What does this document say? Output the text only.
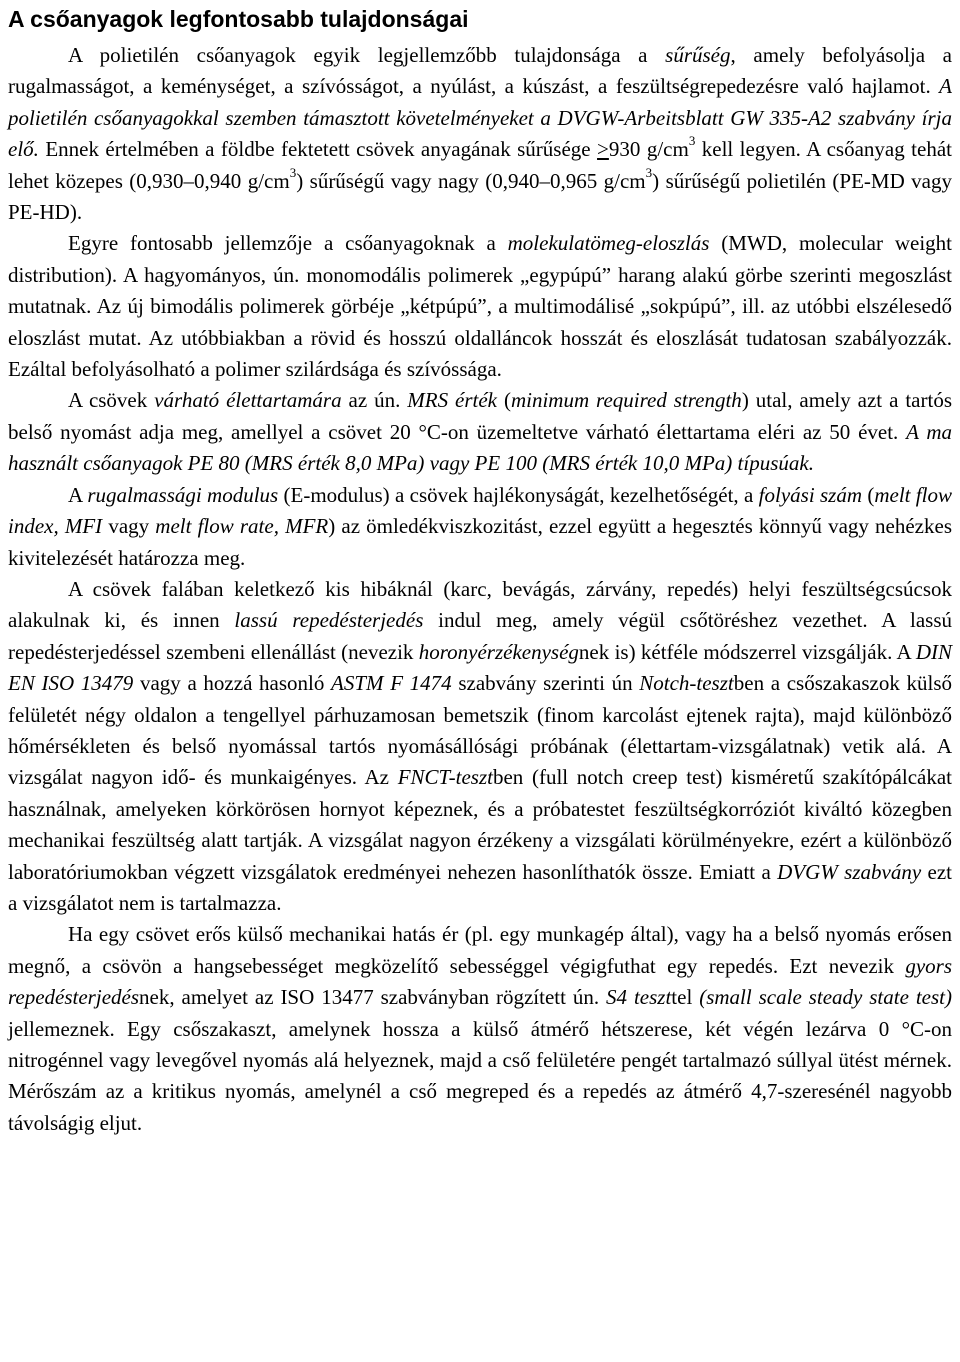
A csőanyagok legfontosabb tulajdonságai

A polietilén csőanyagok egyik legjellemzőbb tulajdonsága a sűrűség, amely befolyásolja a rugalmasságot, a keménységet, a szívósságot, a nyúlást, a kúszást, a feszültségrepedezésre való hajlamot. A polietilén csőanyagokkal szemben támasztott követelményeket a DVGW-Arbeitsblatt GW 335-A2 szabvány írja elő. Ennek értelmében a földbe fektetett csövek anyagának sűrűsége ≥930 $g/cm^3$ kell legyen. A csőanyag tehát lehet közepes (0,930–0,940 $g/cm^3$) sűrűségű vagy nagy (0,940–0,965 $g/cm^3$) sűrűségű polietilén (PE-MD vagy PE-HD).

Egyre fontosabb jellemzője a csőanyagoknak a molekulatömeg-eloszlás (MWD, molecular weight distribution). A hagyományos, ún. monomodális polimerek „egypúpú” harang alakú görbe szerinti megoszlást mutatnak. Az új bimodális polimerek görbéje „kétpúpú”, a multimodálisé „sokpúpú”, ill. az utóbbi elszélesedő eloszlást mutat. Az utóbbiakban a rövid és hosszú oldalláncok hosszát és eloszlását tudatosan szabályozzák. Ezáltal befolyásolható a polimer szilárdsága és szívóssága.

A csövek várható élettartamára az ún. MRS érték (minimum required strength) utal, amely azt a tartós belső nyomást adja meg, amellyel a csövet 20 °C-on üzemeltetve várható élettartama eléri az 50 évet. A ma használt csőanyagok PE 80 (MRS érték 8,0 MPa) vagy PE 100 (MRS érték 10,0 MPa) típusúak.

A rugalmassági modulus (E-modulus) a csövek hajlékonyságát, kezelhetőségét, a folyási szám (melt flow index, MFI vagy melt flow rate, MFR) az ömledékviszkozitást, ezzel együtt a hegesztés könnyű vagy nehézkes kivitelezését határozza meg.

A csövek falában keletkező kis hibáknál (karc, bevágás, zárvány, repedés) helyi feszültségcsúcsok alakulnak ki, és innen lassú repedésterjedés indul meg, amely végül csőtöréshez vezethet. A lassú repedésterjedéssel szembeni ellenállást (nevezik horonyérzékenységnek is) kétféle módszerrel vizsgálják. A DIN EN ISO 13479 vagy a hozzá hasonló ASTM F 1474 szabvány szerinti ún Notch-tesztben a csőszakaszok külső felületét négy oldalon a tengellyel párhuzamosan bemetszik (finom karcolást ejtenek rajta), majd különböző hőmérsékleten és belső nyomással tartós nyomásállósági próbának (élettartam-vizsgálatnak) vetik alá. A vizsgálat nagyon idő- és munkaigényes. Az FNCT-tesztben (full notch creep test) kisméretű szakítópálcákat használnak, amelyeken körkörösen hornyot képeznek, és a próbatestet feszültségkorróziót kiváltó közegben mechanikai feszültség alatt tartják. A vizsgálat nagyon érzékeny a vizsgálati körülményekre, ezért a különböző laboratóriumokban végzett vizsgálatok eredményei nehezen hasonlíthatók össze. Emiatt a DVGW szabvány ezt a vizsgálatot nem is tartalmazza.

Ha egy csövet erős külső mechanikai hatás ér (pl. egy munkagép által), vagy ha a belső nyomás erősen megnő, a csövön a hangsebességet megközelítő sebességgel végigfuthat egy repedés. Ezt nevezik gyors repedésterjedésnek, amelyet az ISO 13477 szabványban rögzített ún. S4 teszttel (small scale steady state test) jellemeznek. Egy csőszakaszt, amelynek hossza a külső átmérő hétszerese, két végén lezárva 0 °C-on nitrogénnel vagy levegővel nyomás alá helyeznek, majd a cső felületére pengét tartalmazó súllyal ütést mérnek. Mérőszám az a kritikus nyomás, amelynél a cső megreped és a repedés az átmérő 4,7-szeresénél nagyobb távolságig eljut.
